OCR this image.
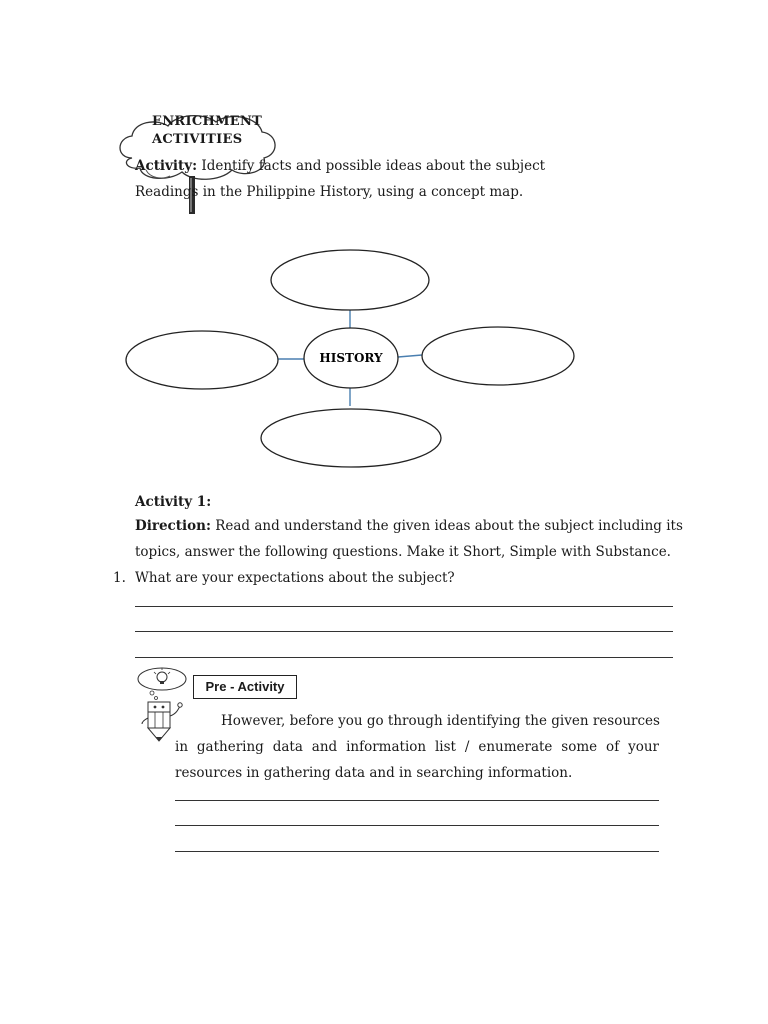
ENRICHMENT
ACTIVITIES
Activity: Identify facts and possible ideas about the subject
Readings in the Philippine History, using a concept map.
HISTORY
Activity 1:
Direction: Read and understand the given ideas about the subject including its
topics, answer the following questions. Make it Short, Simple with Substance.
1. What are your expectations about the subject?
Pre - Activity
However, before you go through identifying the given resources
in gathering data and information list / enumerate some of your
resources in gathering data and in searching information.
